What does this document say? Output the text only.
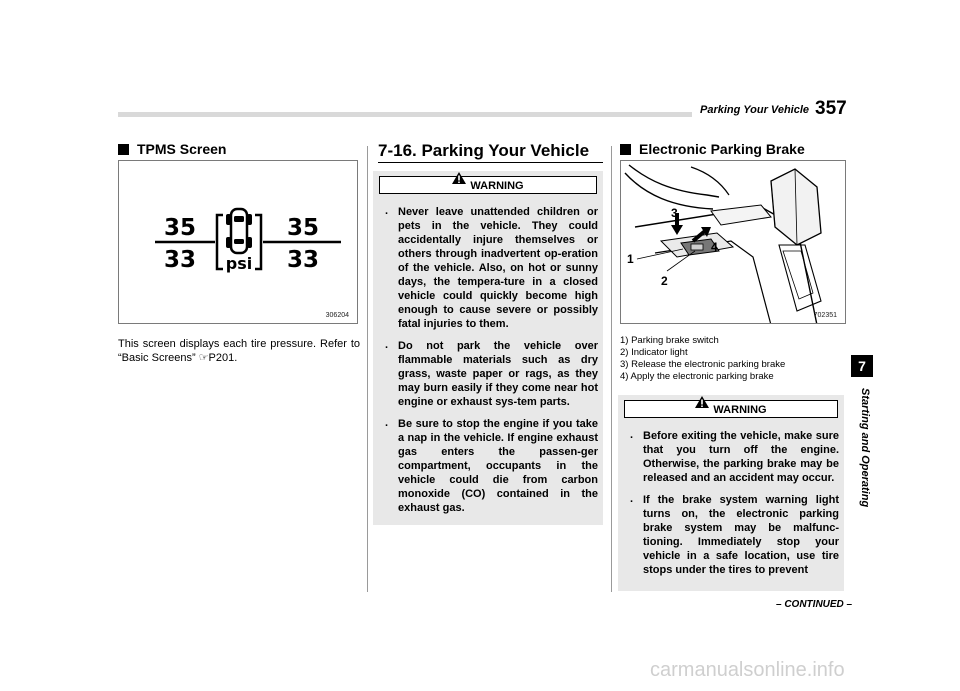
Parking Your Vehicle 357
TPMS Screen
35	35
33	33
psi
306204
This screen displays each tire pressure. Refer to “Basic Screens” ☞P201.
7-16. Parking Your Vehicle
WARNING
. Never leave unattended children or pets in the vehicle. They could accidentally injure themselves or others through inadvertent op-eration of the vehicle. Also, on hot or sunny days, the tempera-ture in a closed vehicle could quickly become high enough to cause severe or possibly fatal injuries to them.
. Do not park the vehicle over flammable materials such as dry grass, waste paper or rags, as they may burn easily if they come near hot engine or exhaust sys-tem parts.
. Be sure to stop the engine if you take a nap in the vehicle. If engine exhaust gas enters the passen-ger compartment, occupants in the vehicle could die from carbon monoxide (CO) contained in the exhaust gas.
Electronic Parking Brake
1
2
3
4
702351
1) Parking brake switch
2) Indicator light
3) Release the electronic parking brake
4) Apply the electronic parking brake
WARNING
. Before exiting the vehicle, make sure that you turn off the engine. Otherwise, the parking brake may be released and an accident may occur.
. If the brake system warning light turns on, the electronic parking brake system may be malfunc-tioning. Immediately stop your vehicle in a safe location, use tire stops under the tires to prevent
7
Starting and Operating
– CONTINUED –
carmanualsonline.info
